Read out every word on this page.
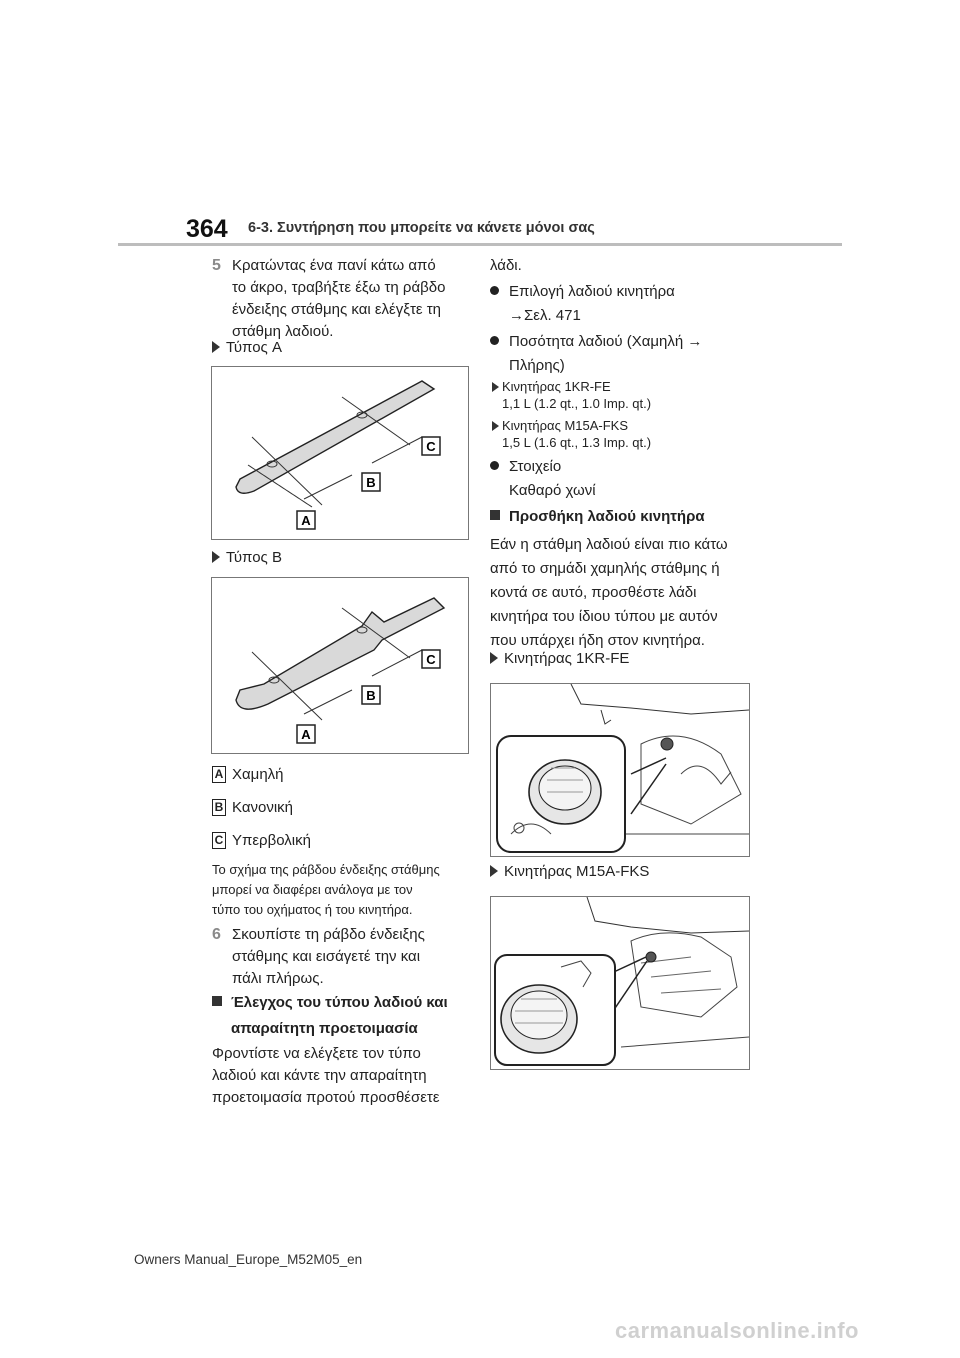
364 6-3. Συντήρηση που μπορείτε να κάνετε μόνοι σας
5 Κρατώντας ένα πανί κάτω από
το άκρο, τραβήξτε έξω τη ράβδο
ένδειξης στάθμης και ελέγξτε τη
στάθμη λαδιού.
Τύπος A
A
B
C
Τύπος B
A
B
C
A Χαμηλή
B Κανονική
C Υπερβολική
Το σχήμα της ράβδου ένδειξης στάθμης
μπορεί να διαφέρει ανάλογα με τον
τύπο του οχήματος ή του κινητήρα.
6 Σκουπίστε τη ράβδο ένδειξης
στάθμης και εισάγετέ την και
πάλι πλήρως.
Έλεγχος του τύπου λαδιού και
απαραίτητη προετοιμασία
Φροντίστε να ελέγξετε τον τύπο
λαδιού και κάντε την απαραίτητη
προετοιμασία προτού προσθέσετε
λάδι.
Επιλογή λαδιού κινητήρα
→Σελ. 471
Ποσότητα λαδιού (Χαμηλή →
Πλήρης)
Κινητήρας 1KR-FE
1,1 L (1.2 qt., 1.0 Imp. qt.)
Κινητήρας M15A-FKS
1,5 L (1.6 qt., 1.3 Imp. qt.)
Στοιχείο
Καθαρό χωνί
Προσθήκη λαδιού κινητήρα
Εάν η στάθμη λαδιού είναι πιο κάτω
από το σημάδι χαμηλής στάθμης ή
κοντά σε αυτό, προσθέστε λάδι
κινητήρα του ίδιου τύπου με αυτόν
που υπάρχει ήδη στον κινητήρα.
Κινητήρας 1KR-FE
Κινητήρας M15A-FKS
Owners Manual_Europe_M52M05_en
carmanualsonline.info
